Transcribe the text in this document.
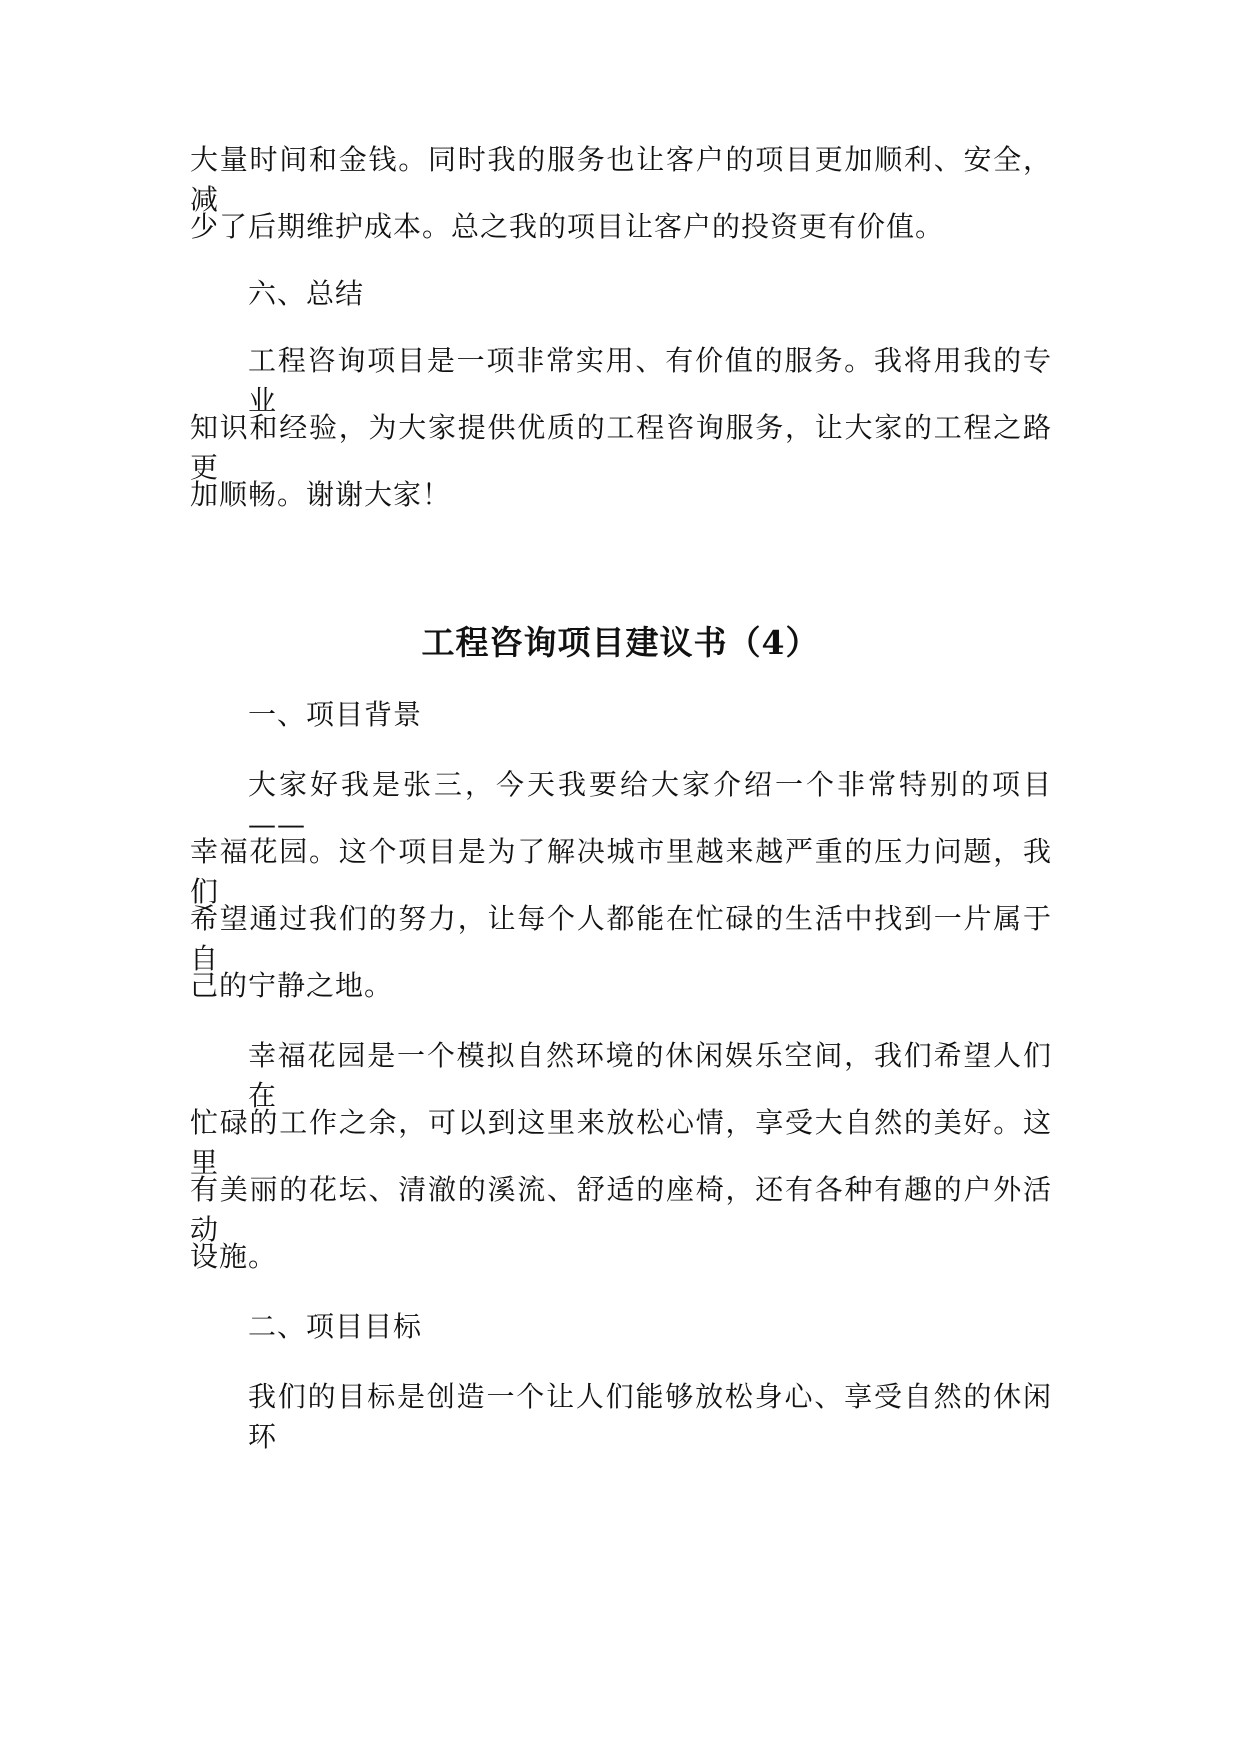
大量时间和金钱。同时我的服务也让客户的项目更加顺利、安全，减
少了后期维护成本。总之我的项目让客户的投资更有价值。
六、总结
工程咨询项目是一项非常实用、有价值的服务。我将用我的专业
知识和经验，为大家提供优质的工程咨询服务，让大家的工程之路更
加顺畅。谢谢大家！
一、项目背景
大家好我是张三，今天我要给大家介绍一个非常特别的项目——
幸福花园。这个项目是为了解决城市里越来越严重的压力问题，我们
希望通过我们的努力，让每个人都能在忙碌的生活中找到一片属于自
己的宁静之地。
幸福花园是一个模拟自然环境的休闲娱乐空间，我们希望人们在
忙碌的工作之余，可以到这里来放松心情，享受大自然的美好。这里
有美丽的花坛、清澈的溪流、舒适的座椅，还有各种有趣的户外活动
设施。
二、项目目标
我们的目标是创造一个让人们能够放松身心、享受自然的休闲环
工程咨询项目建议书（4）
